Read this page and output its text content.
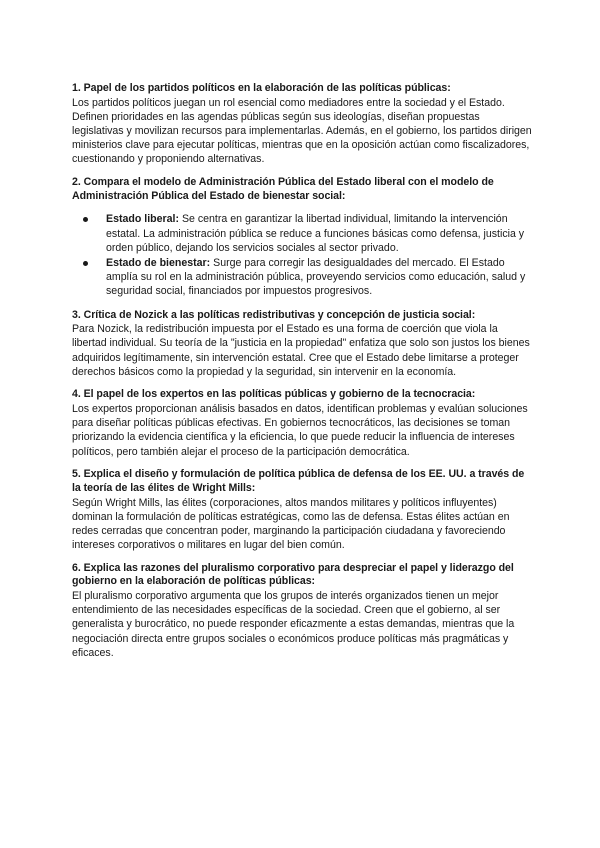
1. Papel de los partidos políticos en la elaboración de las políticas públicas:

Los partidos políticos juegan un rol esencial como mediadores entre la sociedad y el Estado. Definen prioridades en las agendas públicas según sus ideologías, diseñan propuestas legislativas y movilizan recursos para implementarlas. Además, en el gobierno, los partidos dirigen ministerios clave para ejecutar políticas, mientras que en la oposición actúan como fiscalizadores, cuestionando y proponiendo alternativas.

2. Compara el modelo de Administración Pública del Estado liberal con el modelo de Administración Pública del Estado de bienestar social:

Estado liberal: Se centra en garantizar la libertad individual, limitando la intervención estatal. La administración pública se reduce a funciones básicas como defensa, justicia y orden público, dejando los servicios sociales al sector privado.
Estado de bienestar: Surge para corregir las desigualdades del mercado. El Estado amplía su rol en la administración pública, proveyendo servicios como educación, salud y seguridad social, financiados por impuestos progresivos.

3. Crítica de Nozick a las políticas redistributivas y concepción de justicia social:

Para Nozick, la redistribución impuesta por el Estado es una forma de coerción que viola la libertad individual. Su teoría de la "justicia en la propiedad" enfatiza que solo son justos los bienes adquiridos legítimamente, sin intervención estatal. Cree que el Estado debe limitarse a proteger derechos básicos como la propiedad y la seguridad, sin intervenir en la economía.

4. El papel de los expertos en las políticas públicas y gobierno de la tecnocracia:

Los expertos proporcionan análisis basados en datos, identifican problemas y evalúan soluciones para diseñar políticas públicas efectivas. En gobiernos tecnocráticos, las decisiones se toman priorizando la evidencia científica y la eficiencia, lo que puede reducir la influencia de intereses políticos, pero también alejar el proceso de la participación democrática.

5. Explica el diseño y formulación de política pública de defensa de los EE. UU. a través de la teoría de las élites de Wright Mills:

Según Wright Mills, las élites (corporaciones, altos mandos militares y políticos influyentes) dominan la formulación de políticas estratégicas, como las de defensa. Estas élites actúan en redes cerradas que concentran poder, marginando la participación ciudadana y favoreciendo intereses corporativos o militares en lugar del bien común.

6. Explica las razones del pluralismo corporativo para despreciar el papel y liderazgo del gobierno en la elaboración de políticas públicas:

El pluralismo corporativo argumenta que los grupos de interés organizados tienen un mejor entendimiento de las necesidades específicas de la sociedad. Creen que el gobierno, al ser generalista y burocrático, no puede responder eficazmente a estas demandas, mientras que la negociación directa entre grupos sociales o económicos produce políticas más pragmáticas y eficaces.
